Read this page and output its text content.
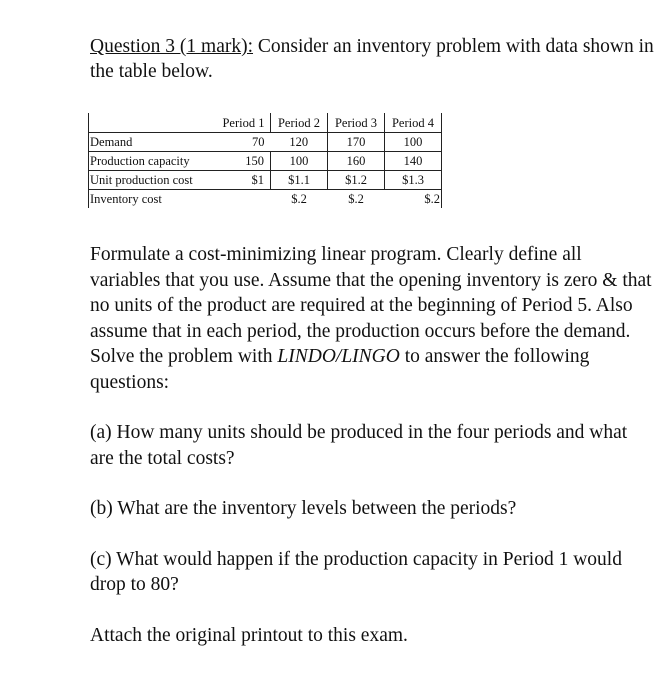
Question 3 (1 mark): Consider an inventory problem with data shown in the table below.

	Period 1	Period 2	Period 3	Period 4
Demand	70	120	170	100
Production capacity	150	100	160	140
Unit production cost	$1	$1.1	$1.2	$1.3
Inventory cost		$.2	$.2	$.2

Formulate a cost-minimizing linear program. Clearly define all variables that you use. Assume that the opening inventory is zero & that no units of the product are required at the beginning of Period 5. Also assume that in each period, the production occurs before the demand. Solve the problem with LINDO/LINGO to answer the following questions:

(a) How many units should be produced in the four periods and what are the total costs?

(b) What are the inventory levels between the periods?

(c) What would happen if the production capacity in Period 1 would drop to 80?

Attach the original printout to this exam.
